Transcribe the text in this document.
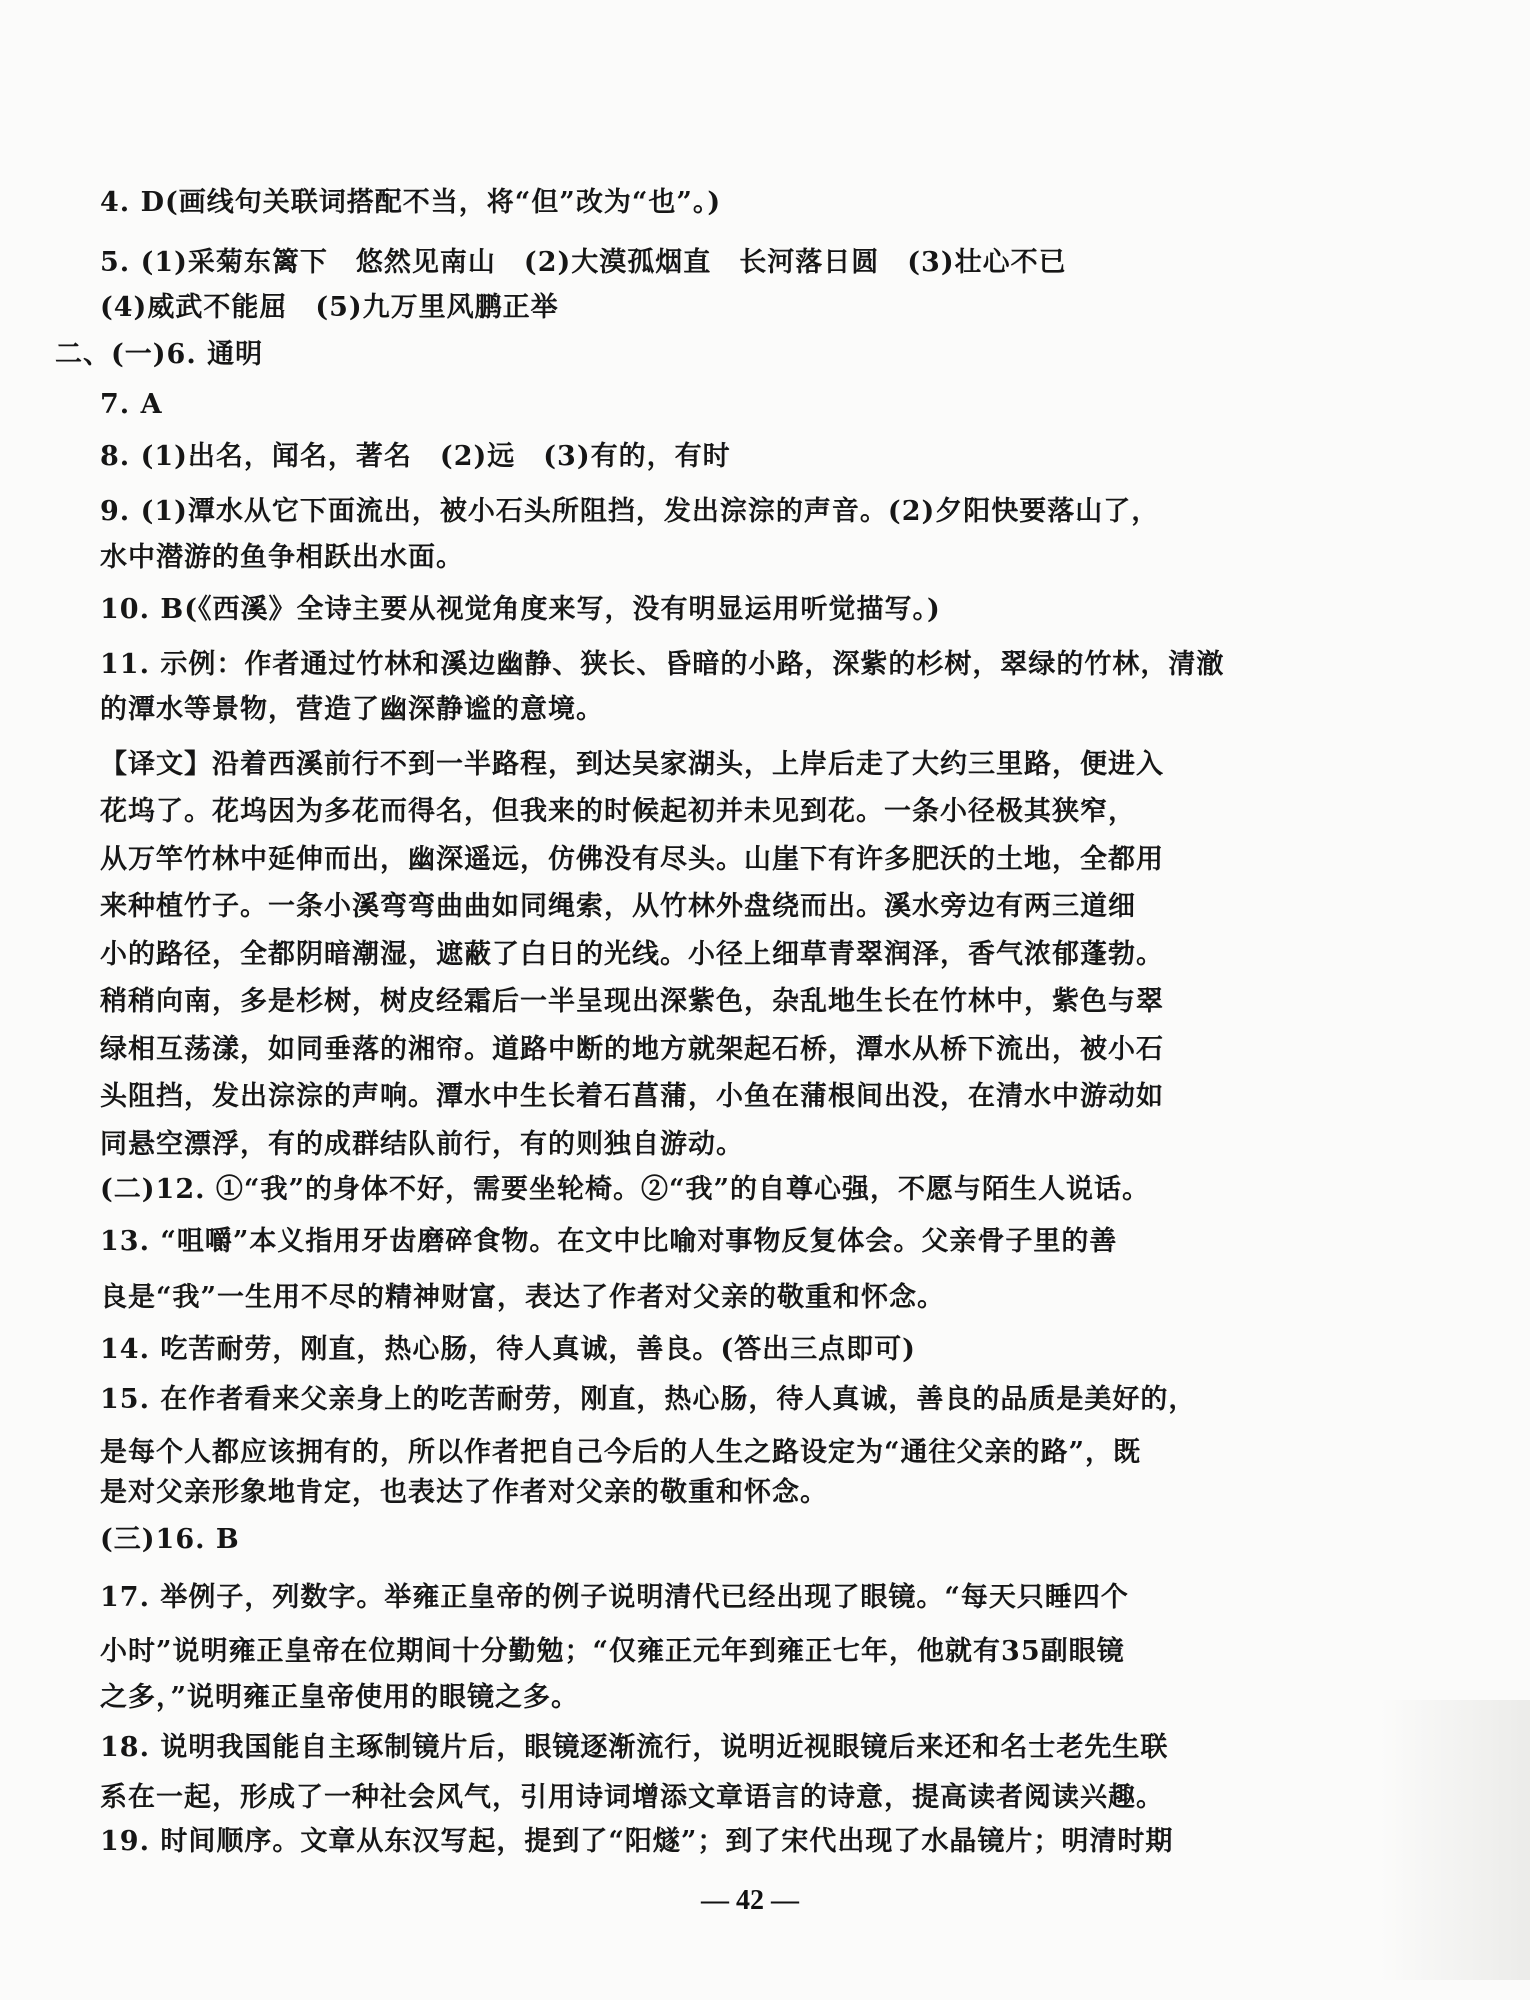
4. D(画线句关联词搭配不当，将“但”改为“也”。)
5. (1)采菊东篱下　悠然见南山　(2)大漠孤烟直　长河落日圆　(3)壮心不已
(4)威武不能屈　(5)九万里风鹏正举
二、(一)6. 通明
7. A
8. (1)出名，闻名，著名　(2)远　(3)有的，有时
9. (1)潭水从它下面流出，被小石头所阻挡，发出淙淙的声音。(2)夕阳快要落山了，
水中潜游的鱼争相跃出水面。
10. B(《西溪》全诗主要从视觉角度来写，没有明显运用听觉描写。)
11. 示例：作者通过竹林和溪边幽静、狭长、昏暗的小路，深紫的杉树，翠绿的竹林，清澈
的潭水等景物，营造了幽深静谧的意境。
【译文】沿着西溪前行不到一半路程，到达吴家湖头，上岸后走了大约三里路，便进入
花坞了。花坞因为多花而得名，但我来的时候起初并未见到花。一条小径极其狭窄，
从万竿竹林中延伸而出，幽深遥远，仿佛没有尽头。山崖下有许多肥沃的土地，全都用
来种植竹子。一条小溪弯弯曲曲如同绳索，从竹林外盘绕而出。溪水旁边有两三道细
小的路径，全都阴暗潮湿，遮蔽了白日的光线。小径上细草青翠润泽，香气浓郁蓬勃。
稍稍向南，多是杉树，树皮经霜后一半呈现出深紫色，杂乱地生长在竹林中，紫色与翠
绿相互荡漾，如同垂落的湘帘。道路中断的地方就架起石桥，潭水从桥下流出，被小石
头阻挡，发出淙淙的声响。潭水中生长着石菖蒲，小鱼在蒲根间出没，在清水中游动如
同悬空漂浮，有的成群结队前行，有的则独自游动。
(二)12. ①“我”的身体不好，需要坐轮椅。②“我”的自尊心强，不愿与陌生人说话。
13. “咀嚼”本义指用牙齿磨碎食物。在文中比喻对事物反复体会。父亲骨子里的善
良是“我”一生用不尽的精神财富，表达了作者对父亲的敬重和怀念。
14. 吃苦耐劳，刚直，热心肠，待人真诚，善良。(答出三点即可)
15. 在作者看来父亲身上的吃苦耐劳，刚直，热心肠，待人真诚，善良的品质是美好的，
是每个人都应该拥有的，所以作者把自己今后的人生之路设定为“通往父亲的路”，既
是对父亲形象地肯定，也表达了作者对父亲的敬重和怀念。
(三)16. B
17. 举例子，列数字。举雍正皇帝的例子说明清代已经出现了眼镜。“每天只睡四个
小时”说明雍正皇帝在位期间十分勤勉；“仅雍正元年到雍正七年，他就有35副眼镜
之多，”说明雍正皇帝使用的眼镜之多。
18. 说明我国能自主琢制镜片后，眼镜逐渐流行，说明近视眼镜后来还和名士老先生联
系在一起，形成了一种社会风气，引用诗词增添文章语言的诗意，提高读者阅读兴趣。
19. 时间顺序。文章从东汉写起，提到了“阳燧”；到了宋代出现了水晶镜片；明清时期
— 42 —
